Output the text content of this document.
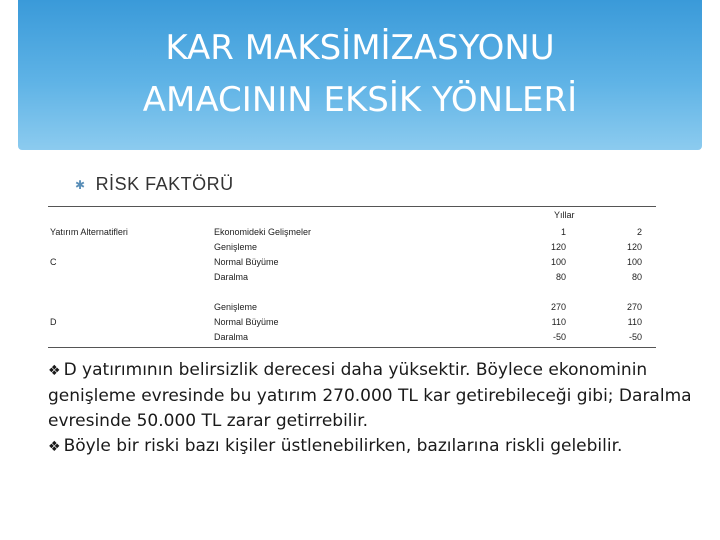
KAR MAKSİMİZASYONU
AMACININ EKSİK YÖNLERİ
✱ RİSK FAKTÖRÜ
Yıllar
Yatırım Alternatifleri	Ekonomideki Gelişmeler	1	2
C
Genişleme	120	120
Normal Büyüme	100	100
Daralma	80	80
D
Genişleme	270	270
Normal Büyüme	110	110
Daralma	-50	-50
❖ D yatırımının belirsizlik derecesi daha yüksektir. Böylece ekonominin genişleme evresinde bu yatırım 270.000 TL kar getirebileceği gibi; Daralma evresinde 50.000 TL zarar getirrebilir.
❖ Böyle bir riski bazı kişiler üstlenebilirken, bazılarına riskli gelebilir.
